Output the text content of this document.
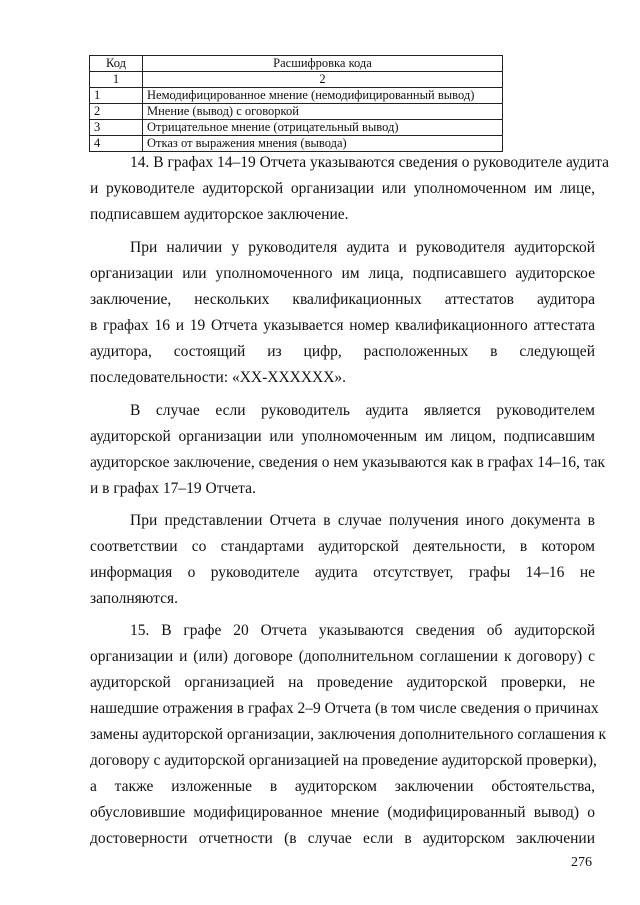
Код	Расшифровка кода
1	2
1	Немодифицированное мнение (немодифицированный вывод)
2	Мнение (вывод) с оговоркой
3	Отрицательное мнение (отрицательный вывод)
4	Отказ от выражения мнения (вывода)
14. В графах 14–19 Отчета указываются сведения о руководителе аудита
и руководителе аудиторской организации или уполномоченном им лице,
подписавшем аудиторское заключение.
При наличии у руководителя аудита и руководителя аудиторской
организации или уполномоченного им лица, подписавшего аудиторское
заключение, нескольких квалификационных аттестатов аудитора
в графах 16 и 19 Отчета указывается номер квалификационного аттестата
аудитора, состоящий из цифр, расположенных в следующей
последовательности: «XX-XXXXXX».
В случае если руководитель аудита является руководителем
аудиторской организации или уполномоченным им лицом, подписавшим
аудиторское заключение, сведения о нем указываются как в графах 14–16, так
и в графах 17–19 Отчета.
При представлении Отчета в случае получения иного документа в
соответствии со стандартами аудиторской деятельности, в котором
информация о руководителе аудита отсутствует, графы 14–16 не
заполняются.
15. В графе 20 Отчета указываются сведения об аудиторской
организации и (или) договоре (дополнительном соглашении к договору) с
аудиторской организацией на проведение аудиторской проверки, не
нашедшие отражения в графах 2–9 Отчета (в том числе сведения о причинах
замены аудиторской организации, заключения дополнительного соглашения к
договору с аудиторской организацией на проведение аудиторской проверки),
а также изложенные в аудиторском заключении обстоятельства,
обусловившие модифицированное мнение (модифицированный вывод) о
достоверности отчетности (в случае если в аудиторском заключении
276
